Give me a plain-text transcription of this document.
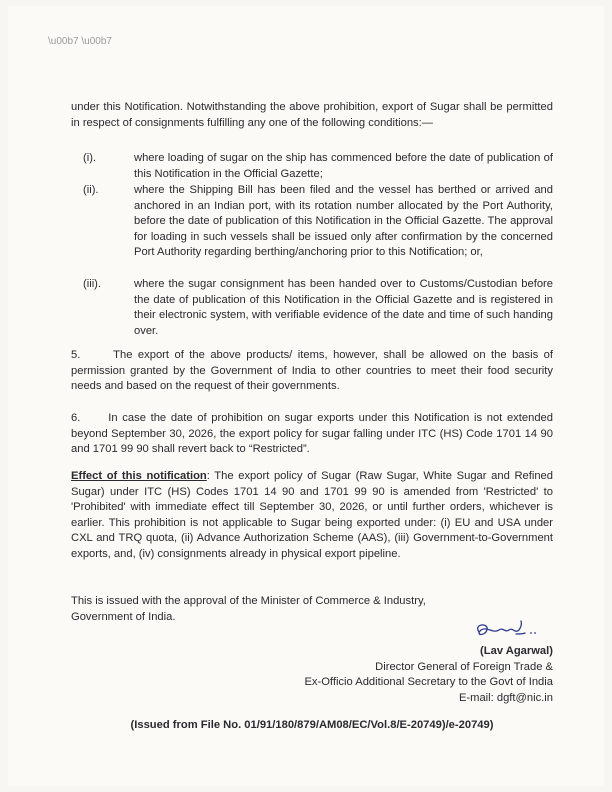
\u00b7 \u00b7
under this Notification. Notwithstanding the above prohibition, export of Sugar shall be permitted in respect of consignments fulfilling any one of the following conditions:—
(i).	where loading of sugar on the ship has commenced before the date of publication of this Notification in the Official Gazette;
(ii).	where the Shipping Bill has been filed and the vessel has berthed or arrived and anchored in an Indian port, with its rotation number allocated by the Port Authority, before the date of publication of this Notification in the Official Gazette. The approval for loading in such vessels shall be issued only after confirmation by the concerned Port Authority regarding berthing/anchoring prior to this Notification; or,
(iii).	where the sugar consignment has been handed over to Customs/Custodian before the date of publication of this Notification in the Official Gazette and is registered in their electronic system, with verifiable evidence of the date and time of such handing over.
5.      The export of the above products/ items, however, shall be allowed on the basis of permission granted by the Government of India to other countries to meet their food security needs and based on the request of their governments.
6.      In case the date of prohibition on sugar exports under this Notification is not extended beyond September 30, 2026, the export policy for sugar falling under ITC (HS) Code 1701 14 90 and 1701 99 90 shall revert back to “Restricted”.
Effect of this notification: The export policy of Sugar (Raw Sugar, White Sugar and Refined Sugar) under ITC (HS) Codes 1701 14 90 and 1701 99 90 is amended from 'Restricted' to 'Prohibited' with immediate effect till September 30, 2026, or until further orders, whichever is earlier. This prohibition is not applicable to Sugar being exported under: (i) EU and USA under CXL and TRQ quota, (ii) Advance Authorization Scheme (AAS), (iii) Government-to-Government exports, and, (iv) consignments already in physical export pipeline.
This is issued with the approval of the Minister of Commerce & Industry, Government of India.
(Lav Agarwal)
Director General of Foreign Trade &
Ex-Officio Additional Secretary to the Govt of India
E-mail: dgft@nic.in
(Issued from File No. 01/91/180/879/AM08/EC/Vol.8/E-20749)/e-20749)
